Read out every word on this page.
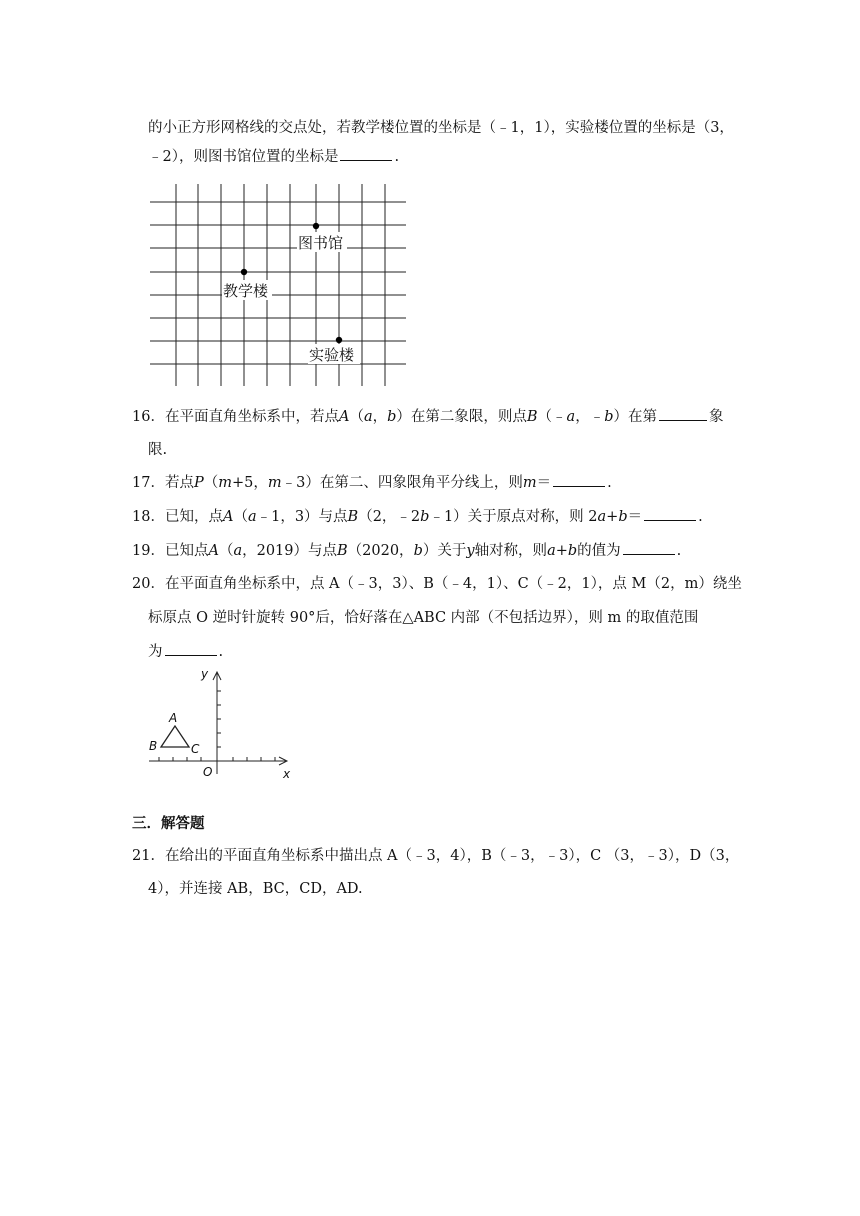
的小正方形网格线的交点处，若教学楼位置的坐标是（﹣1，1），实验楼位置的坐标是（3，
﹣2），则图书馆位置的坐标是	.
图书馆
教学楼
实验楼
16．在平面直角坐标系中，若点A（a，b）在第二象限，则点B（﹣a，﹣b）在第	象
限.
17．若点P（m+5，m﹣3）在第二、四象限角平分线上，则m＝	.
18．已知，点A（a﹣1，3）与点B（2，﹣2b﹣1）关于原点对称，则 2a+b＝	.
19．已知点A（a，2019）与点B（2020，b）关于y轴对称，则a+b的值为	.
20．在平面直角坐标系中，点 A（﹣3，3）、B（﹣4，1）、C（﹣2，1），点 M（2，m）绕坐
标原点 O 逆时针旋转 90°后，恰好落在△ABC 内部（不包括边界），则 m 的取值范围
为	.
A
B	C
y
x
O
三．解答题
21．在给出的平面直角坐标系中描出点 A（﹣3，4），B（﹣3，﹣3），C （3，﹣3），D（3，
4），并连接 AB，BC，CD，AD.
